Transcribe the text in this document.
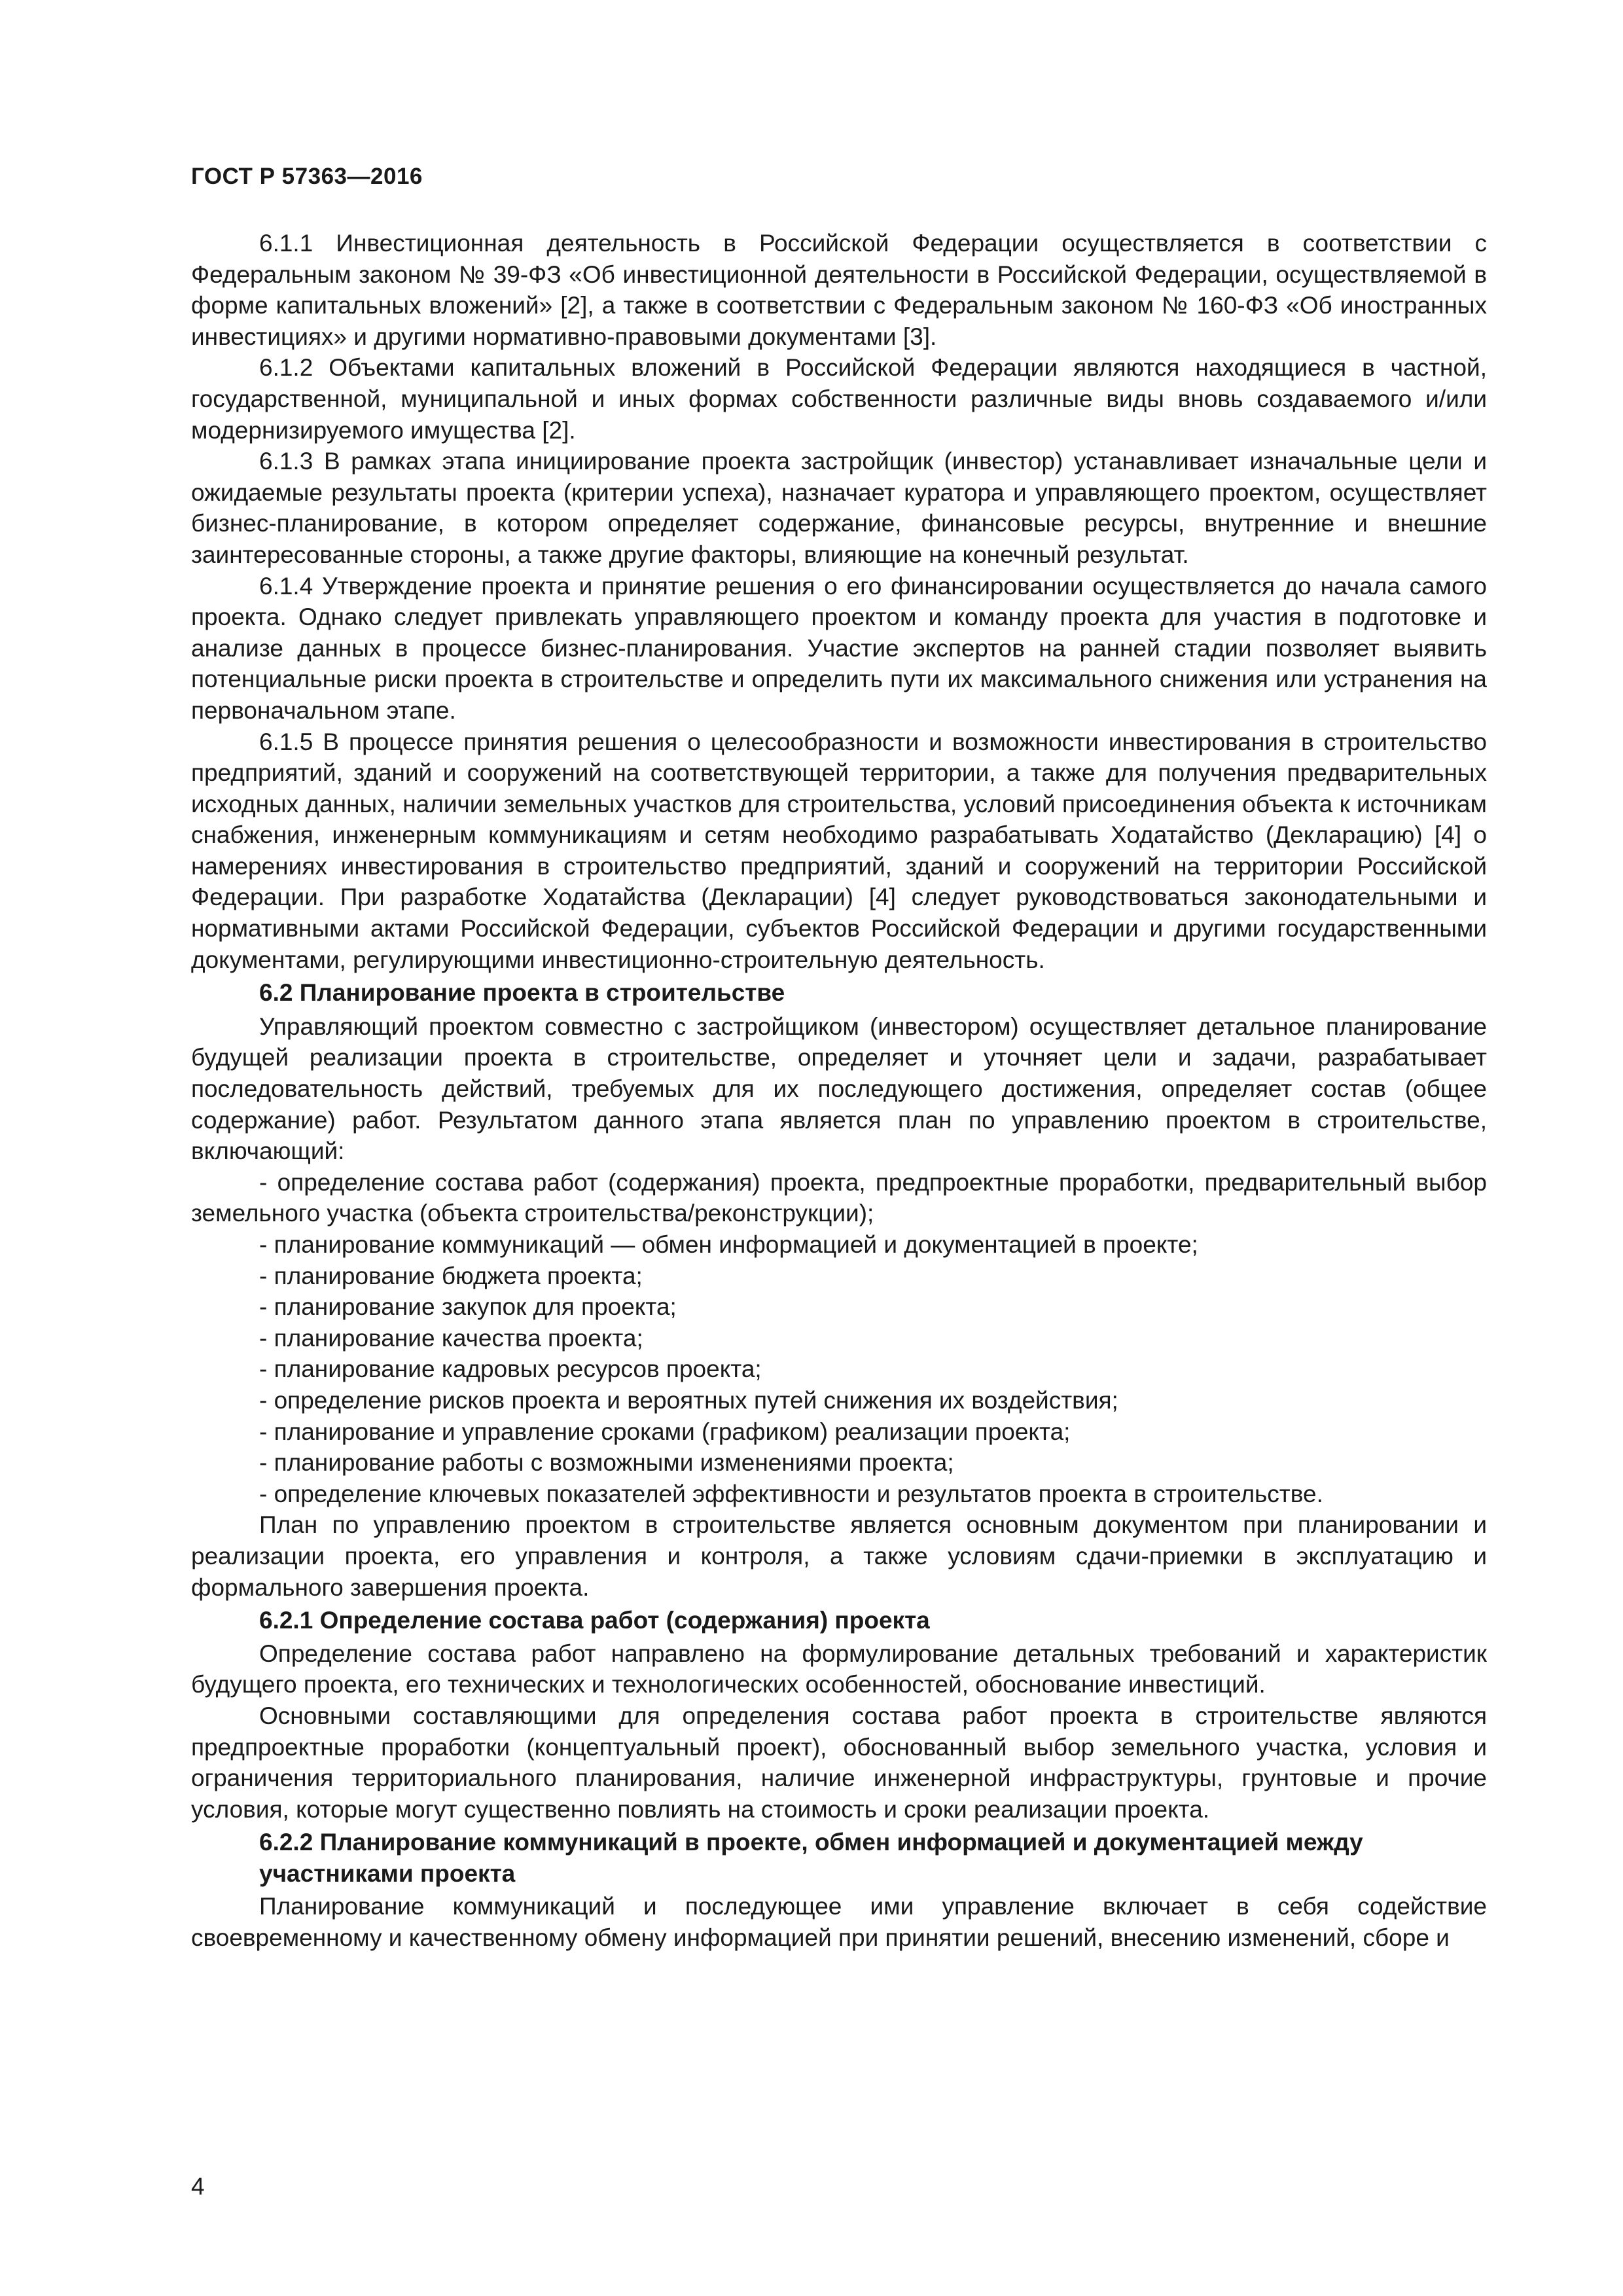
ГОСТ Р 57363—2016

6.1.1 Инвестиционная деятельность в Российской Федерации осуществляется в соответствии с Федеральным законом № 39-ФЗ «Об инвестиционной деятельности в Российской Федерации, осуществляемой в форме капитальных вложений» [2], а также в соответствии с Федеральным законом № 160-ФЗ «Об иностранных инвестициях» и другими нормативно-правовыми документами [3].

6.1.2 Объектами капитальных вложений в Российской Федерации являются находящиеся в частной, государственной, муниципальной и иных формах собственности различные виды вновь создаваемого и/или модернизируемого имущества [2].

6.1.3 В рамках этапа инициирование проекта застройщик (инвестор) устанавливает изначальные цели и ожидаемые результаты проекта (критерии успеха), назначает куратора и управляющего проектом, осуществляет бизнес-планирование, в котором определяет содержание, финансовые ресурсы, внутренние и внешние заинтересованные стороны, а также другие факторы, влияющие на конечный результат.

6.1.4 Утверждение проекта и принятие решения о его финансировании осуществляется до начала самого проекта. Однако следует привлекать управляющего проектом и команду проекта для участия в подготовке и анализе данных в процессе бизнес-планирования. Участие экспертов на ранней стадии позволяет выявить потенциальные риски проекта в строительстве и определить пути их максимального снижения или устранения на первоначальном этапе.

6.1.5 В процессе принятия решения о целесообразности и возможности инвестирования в строительство предприятий, зданий и сооружений на соответствующей территории, а также для получения предварительных исходных данных, наличии земельных участков для строительства, условий присоединения объекта к источникам снабжения, инженерным коммуникациям и сетям необходимо разрабатывать Ходатайство (Декларацию) [4] о намерениях инвестирования в строительство предприятий, зданий и сооружений на территории Российской Федерации. При разработке Ходатайства (Декларации) [4] следует руководствоваться законодательными и нормативными актами Российской Федерации, субъектов Российской Федерации и другими государственными документами, регулирующими инвестиционно-строительную деятельность.

6.2 Планирование проекта в строительстве

Управляющий проектом совместно с застройщиком (инвестором) осуществляет детальное планирование будущей реализации проекта в строительстве, определяет и уточняет цели и задачи, разрабатывает последовательность действий, требуемых для их последующего достижения, определяет состав (общее содержание) работ. Результатом данного этапа является план по управлению проектом в строительстве, включающий:

- определение состава работ (содержания) проекта, предпроектные проработки, предварительный выбор земельного участка (объекта строительства/реконструкции);
- планирование коммуникаций — обмен информацией и документацией в проекте;
- планирование бюджета проекта;
- планирование закупок для проекта;
- планирование качества проекта;
- планирование кадровых ресурсов проекта;
- определение рисков проекта и вероятных путей снижения их воздействия;
- планирование и управление сроками (графиком) реализации проекта;
- планирование работы с возможными изменениями проекта;
- определение ключевых показателей эффективности и результатов проекта в строительстве.

План по управлению проектом в строительстве является основным документом при планировании и реализации проекта, его управления и контроля, а также условиям сдачи-приемки в эксплуатацию и формального завершения проекта.

6.2.1 Определение состава работ (содержания) проекта

Определение состава работ направлено на формулирование детальных требований и характеристик будущего проекта, его технических и технологических особенностей, обоснование инвестиций.

Основными составляющими для определения состава работ проекта в строительстве являются предпроектные проработки (концептуальный проект), обоснованный выбор земельного участка, условия и ограничения территориального планирования, наличие инженерной инфраструктуры, грунтовые и прочие условия, которые могут существенно повлиять на стоимость и сроки реализации проекта.

6.2.2 Планирование коммуникаций в проекте, обмен информацией и документацией между участниками проекта

Планирование коммуникаций и последующее ими управление включает в себя содействие своевременному и качественному обмену информацией при принятии решений, внесению изменений, сборе и

4
